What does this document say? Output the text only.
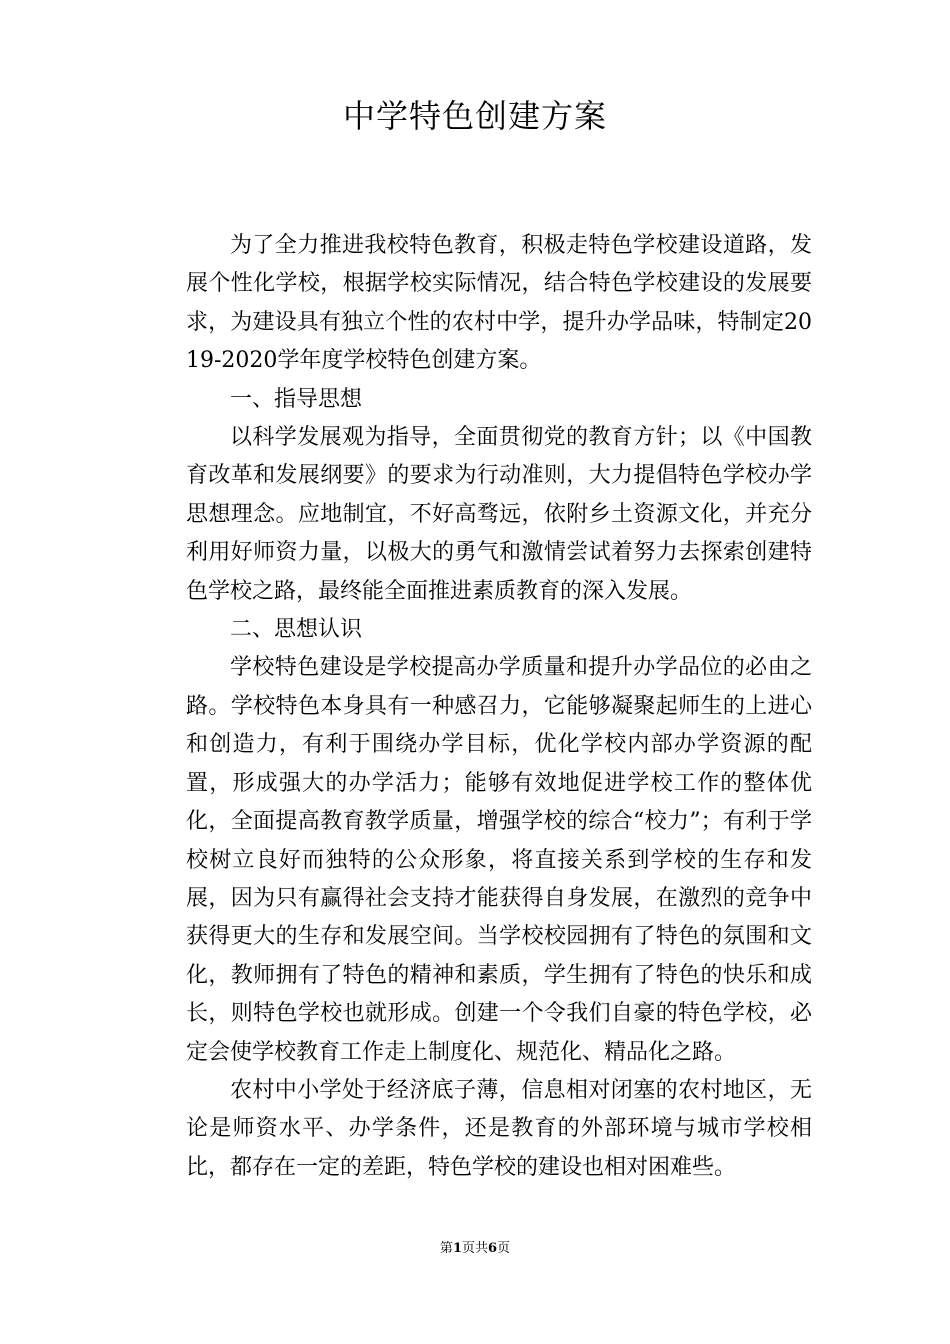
中学特色创建方案

为了全力推进我校特色教育，积极走特色学校建设道路，发展个性化学校，根据学校实际情况，结合特色学校建设的发展要求，为建设具有独立个性的农村中学，提升办学品味，特制定2019-2020学年度学校特色创建方案。

一、指导思想

以科学发展观为指导，全面贯彻党的教育方针；以《中国教育改革和发展纲要》的要求为行动准则，大力提倡特色学校办学思想理念。应地制宜，不好高骛远，依附乡土资源文化，并充分利用好师资力量，以极大的勇气和激情尝试着努力去探索创建特色学校之路，最终能全面推进素质教育的深入发展。

二、思想认识

学校特色建设是学校提高办学质量和提升办学品位的必由之路。学校特色本身具有一种感召力，它能够凝聚起师生的上进心和创造力，有利于围绕办学目标，优化学校内部办学资源的配置，形成强大的办学活力；能够有效地促进学校工作的整体优化，全面提高教育教学质量，增强学校的综合“校力”；有利于学校树立良好而独特的公众形象，将直接关系到学校的生存和发展，因为只有赢得社会支持才能获得自身发展，在激烈的竞争中获得更大的生存和发展空间。当学校校园拥有了特色的氛围和文化，教师拥有了特色的精神和素质，学生拥有了特色的快乐和成长，则特色学校也就形成。创建一个令我们自豪的特色学校，必定会使学校教育工作走上制度化、规范化、精品化之路。

农村中小学处于经济底子薄，信息相对闭塞的农村地区，无论是师资水平、办学条件，还是教育的外部环境与城市学校相比，都存在一定的差距，特色学校的建设也相对困难些。

第1页共6页
